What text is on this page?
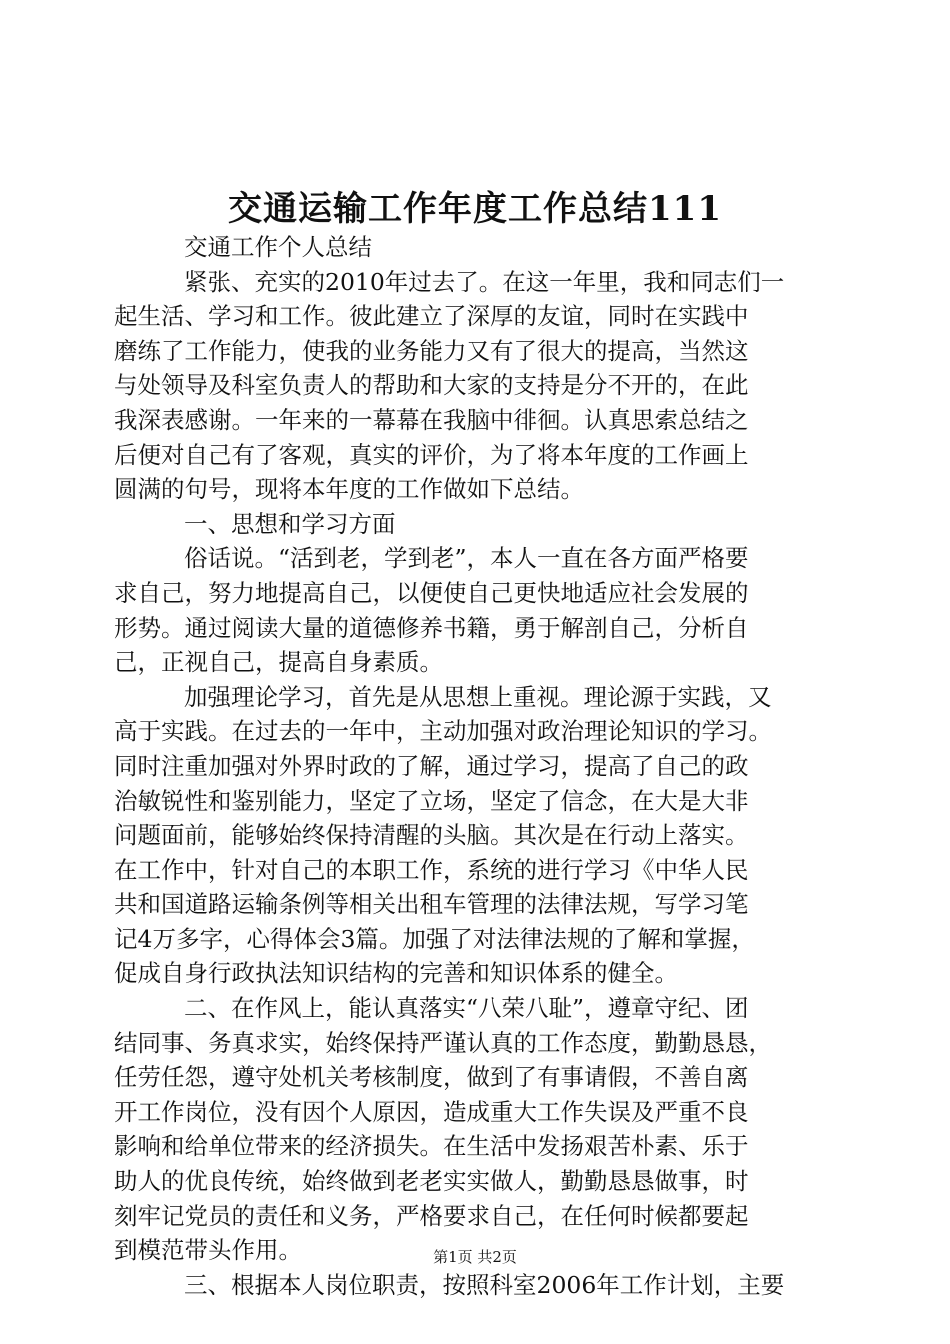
交通运输工作年度工作总结111
交通工作个人总结
紧张、充实的2010年过去了。在这一年里，我和同志们一
起生活、学习和工作。彼此建立了深厚的友谊，同时在实践中
磨练了工作能力，使我的业务能力又有了很大的提高，当然这
与处领导及科室负责人的帮助和大家的支持是分不开的，在此
我深表感谢。一年来的一幕幕在我脑中徘徊。认真思索总结之
后便对自己有了客观，真实的评价，为了将本年度的工作画上
圆满的句号，现将本年度的工作做如下总结。
一、思想和学习方面
俗话说。“活到老，学到老”，本人一直在各方面严格要
求自己，努力地提高自己，以便使自己更快地适应社会发展的
形势。通过阅读大量的道德修养书籍，勇于解剖自己，分析自
己，正视自己，提高自身素质。
加强理论学习，首先是从思想上重视。理论源于实践，又
高于实践。在过去的一年中，主动加强对政治理论知识的学习。
同时注重加强对外界时政的了解，通过学习，提高了自己的政
治敏锐性和鉴别能力，坚定了立场，坚定了信念，在大是大非
问题面前，能够始终保持清醒的头脑。其次是在行动上落实。
在工作中，针对自己的本职工作，系统的进行学习《中华人民
共和国道路运输条例等相关出租车管理的法律法规，写学习笔
记4万多字，心得体会3篇。加强了对法律法规的了解和掌握，
促成自身行政执法知识结构的完善和知识体系的健全。
二、在作风上，能认真落实“八荣八耻”，遵章守纪、团
结同事、务真求实，始终保持严谨认真的工作态度，勤勤恳恳，
任劳任怨，遵守处机关考核制度，做到了有事请假，不善自离
开工作岗位，没有因个人原因，造成重大工作失误及严重不良
影响和给单位带来的经济损失。在生活中发扬艰苦朴素、乐于
助人的优良传统，始终做到老老实实做人，勤勤恳恳做事，时
刻牢记党员的责任和义务，严格要求自己，在任何时候都要起
到模范带头作用。
三、根据本人岗位职责，按照科室2006年工作计划，主要
第1页 共2页
